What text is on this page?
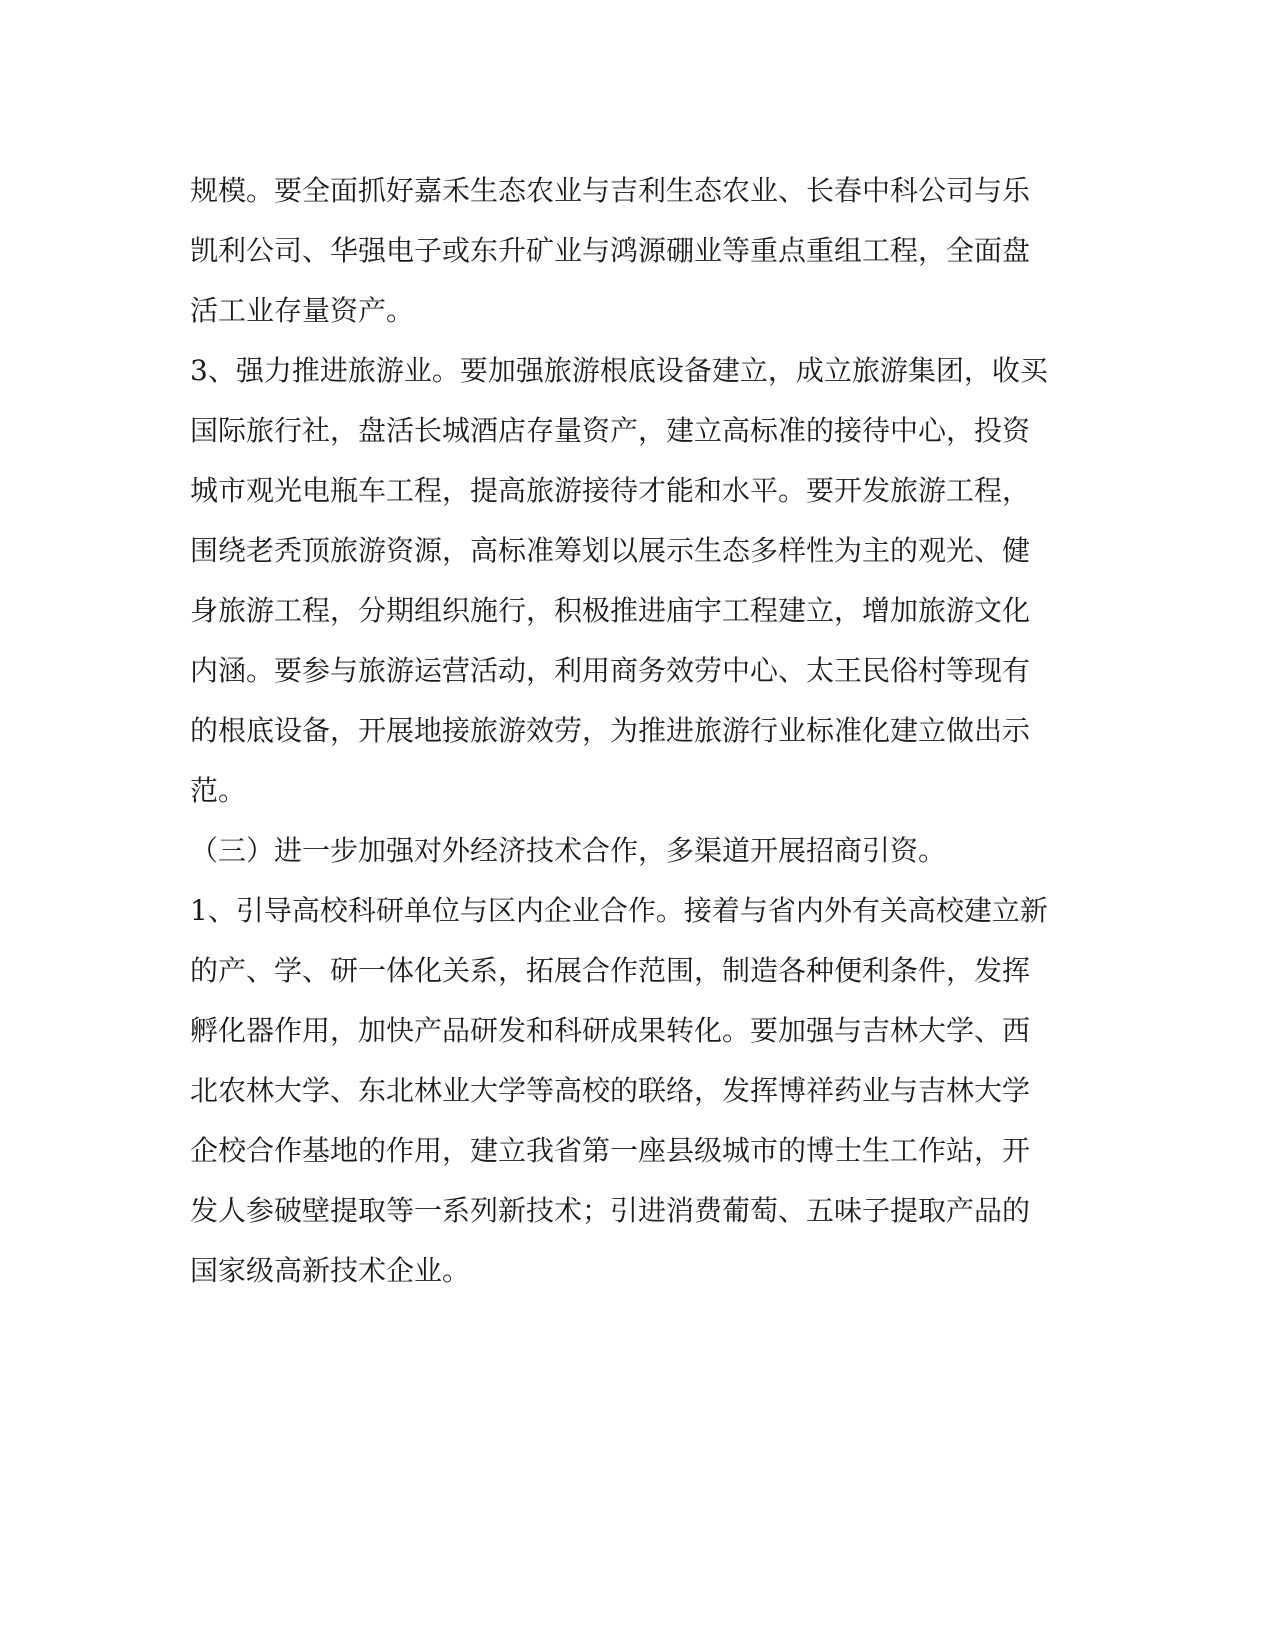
规模。要全面抓好嘉禾生态农业与吉利生态农业、长春中科公司与乐
凯利公司、华强电子或东升矿业与鸿源硼业等重点重组工程，全面盘
活工业存量资产。
3、强力推进旅游业。要加强旅游根底设备建立，成立旅游集团，收买
国际旅行社，盘活长城酒店存量资产，建立高标准的接待中心，投资
城市观光电瓶车工程，提高旅游接待才能和水平。要开发旅游工程，
围绕老秃顶旅游资源，高标准筹划以展示生态多样性为主的观光、健
身旅游工程，分期组织施行，积极推进庙宇工程建立，增加旅游文化
内涵。要参与旅游运营活动，利用商务效劳中心、太王民俗村等现有
的根底设备，开展地接旅游效劳，为推进旅游行业标准化建立做出示
范。
（三）进一步加强对外经济技术合作，多渠道开展招商引资。
1、引导高校科研单位与区内企业合作。接着与省内外有关高校建立新
的产、学、研一体化关系，拓展合作范围，制造各种便利条件，发挥
孵化器作用，加快产品研发和科研成果转化。要加强与吉林大学、西
北农林大学、东北林业大学等高校的联络，发挥博祥药业与吉林大学
企校合作基地的作用，建立我省第一座县级城市的博士生工作站，开
发人参破壁提取等一系列新技术；引进消费葡萄、五味子提取产品的
国家级高新技术企业。
